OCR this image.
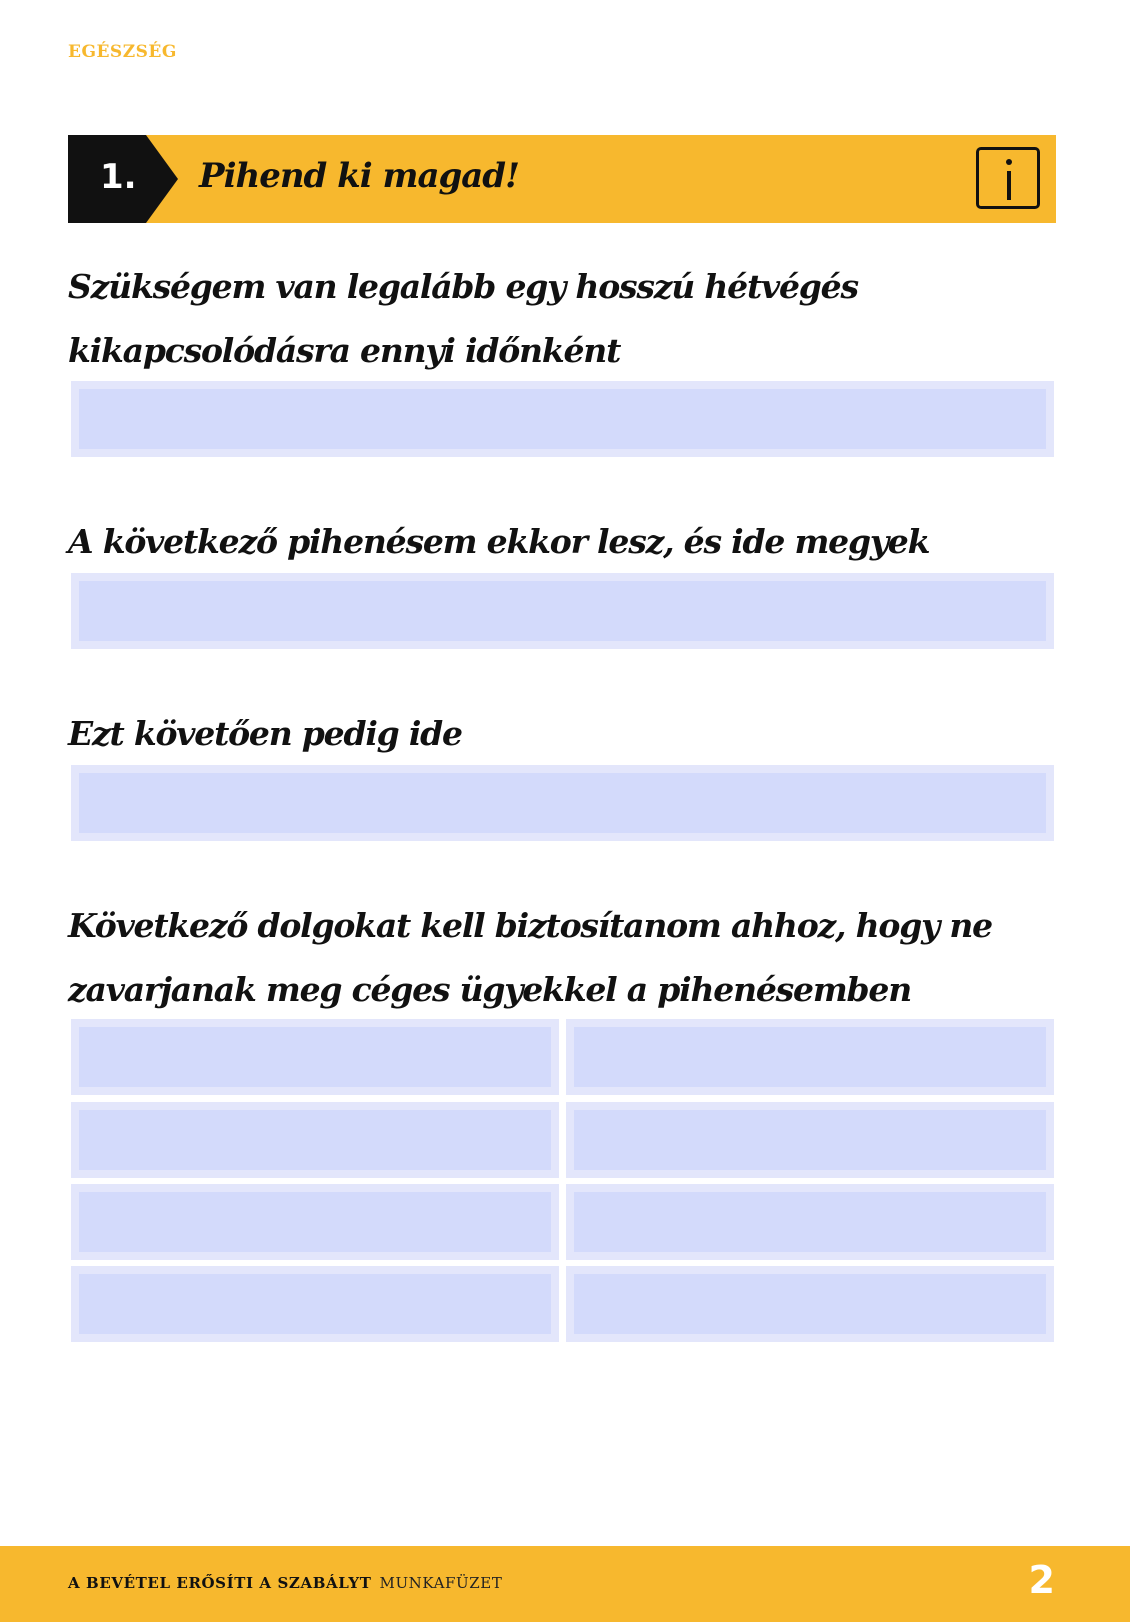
EGÉSZSÉG
1. Pihend ki magad!

Szükségem van legalább egy hosszú hétvégés kikapcsolódásra ennyi időnként

A következő pihenésem ekkor lesz, és ide megyek

Ezt követően pedig ide

Következő dolgokat kell biztosítanom ahhoz, hogy ne zavarjanak meg céges ügyekkel a pihenésemben

A BEVÉTEL ERŐSÍTI A SZABÁLYT MUNKAFÜZET	2
